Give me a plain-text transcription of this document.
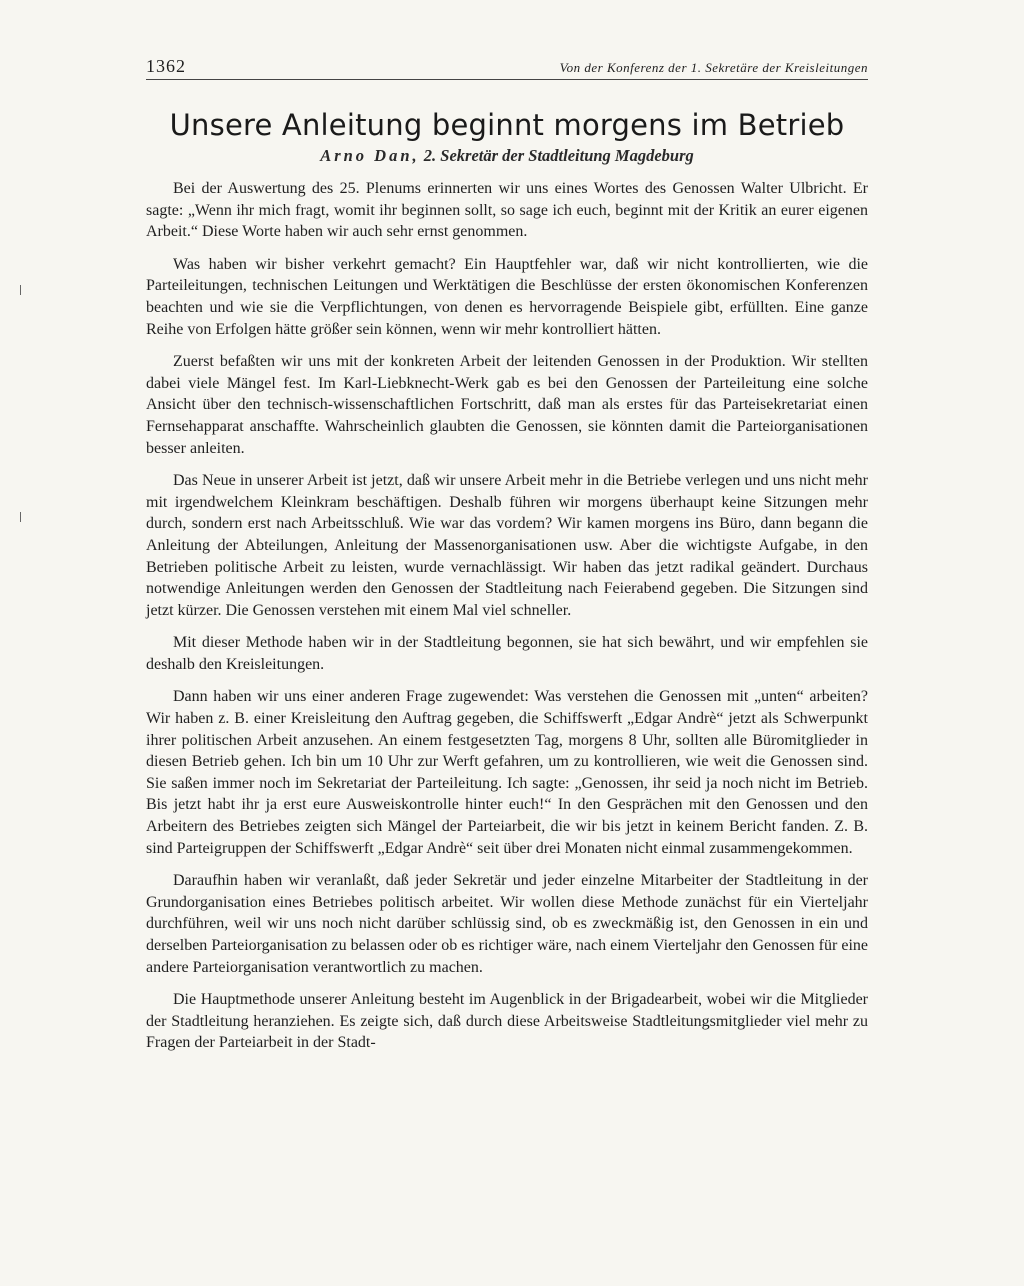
1362	Von der Konferenz der 1. Sekretäre der Kreisleitungen
Unsere Anleitung beginnt morgens im Betrieb
Arno Dan, 2. Sekretär der Stadtleitung Magdeburg

Bei der Auswertung des 25. Plenums erinnerten wir uns eines Wortes des Genossen Walter Ulbricht. Er sagte: „Wenn ihr mich fragt, womit ihr beginnen sollt, so sage ich euch, beginnt mit der Kritik an eurer eigenen Arbeit.“ Diese Worte haben wir auch sehr ernst genommen.

Was haben wir bisher verkehrt gemacht? Ein Hauptfehler war, daß wir nicht kontrollierten, wie die Parteileitungen, technischen Leitungen und Werktätigen die Beschlüsse der ersten ökonomischen Konferenzen beachten und wie sie die Verpflichtungen, von denen es hervorragende Beispiele gibt, erfüllten. Eine ganze Reihe von Erfolgen hätte größer sein können, wenn wir mehr kontrolliert hätten.

Zuerst befaßten wir uns mit der konkreten Arbeit der leitenden Genossen in der Produktion. Wir stellten dabei viele Mängel fest. Im Karl-Liebknecht-Werk gab es bei den Genossen der Parteileitung eine solche Ansicht über den technisch-wissenschaftlichen Fortschritt, daß man als erstes für das Parteisekretariat einen Fernsehapparat anschaffte. Wahrscheinlich glaubten die Genossen, sie könnten damit die Parteiorganisationen besser anleiten.

Das Neue in unserer Arbeit ist jetzt, daß wir unsere Arbeit mehr in die Betriebe verlegen und uns nicht mehr mit irgendwelchem Kleinkram beschäftigen. Deshalb führen wir morgens überhaupt keine Sitzungen mehr durch, sondern erst nach Arbeitsschluß. Wie war das vordem? Wir kamen morgens ins Büro, dann begann die Anleitung der Abteilungen, Anleitung der Massenorganisationen usw. Aber die wichtigste Aufgabe, in den Betrieben politische Arbeit zu leisten, wurde vernachlässigt. Wir haben das jetzt radikal geändert. Durchaus notwendige Anleitungen werden den Genossen der Stadtleitung nach Feierabend gegeben. Die Sitzungen sind jetzt kürzer. Die Genossen verstehen mit einem Mal viel schneller.

Mit dieser Methode haben wir in der Stadtleitung begonnen, sie hat sich bewährt, und wir empfehlen sie deshalb den Kreisleitungen.

Dann haben wir uns einer anderen Frage zugewendet: Was verstehen die Genossen mit „unten“ arbeiten? Wir haben z. B. einer Kreisleitung den Auftrag gegeben, die Schiffswerft „Edgar Andrè“ jetzt als Schwerpunkt ihrer politischen Arbeit anzusehen. An einem festgesetzten Tag, morgens 8 Uhr, sollten alle Büromitglieder in diesen Betrieb gehen. Ich bin um 10 Uhr zur Werft gefahren, um zu kontrollieren, wie weit die Genossen sind. Sie saßen immer noch im Sekretariat der Parteileitung. Ich sagte: „Genossen, ihr seid ja noch nicht im Betrieb. Bis jetzt habt ihr ja erst eure Ausweiskontrolle hinter euch!“ In den Gesprächen mit den Genossen und den Arbeitern des Betriebes zeigten sich Mängel der Parteiarbeit, die wir bis jetzt in keinem Bericht fanden. Z. B. sind Parteigruppen der Schiffswerft „Edgar Andrè“ seit über drei Monaten nicht einmal zusammengekommen.

Daraufhin haben wir veranlaßt, daß jeder Sekretär und jeder einzelne Mitarbeiter der Stadtleitung in der Grundorganisation eines Betriebes politisch arbeitet. Wir wollen diese Methode zunächst für ein Vierteljahr durchführen, weil wir uns noch nicht darüber schlüssig sind, ob es zweckmäßig ist, den Genossen in ein und derselben Parteiorganisation zu belassen oder ob es richtiger wäre, nach einem Vierteljahr den Genossen für eine andere Parteiorganisation verantwortlich zu machen.

Die Hauptmethode unserer Anleitung besteht im Augenblick in der Brigadearbeit, wobei wir die Mitglieder der Stadtleitung heranziehen. Es zeigte sich, daß durch diese Arbeitsweise Stadtleitungsmitglieder viel mehr zu Fragen der Parteiarbeit in der Stadt-
